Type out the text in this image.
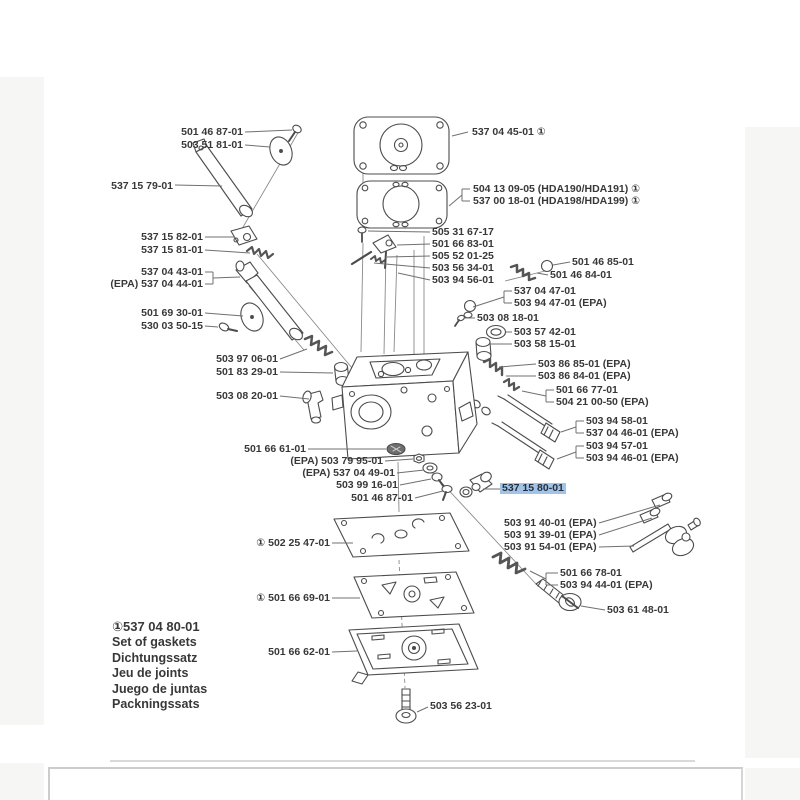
501 46 87-01
503 51 81-01
537 15 79-01
537 15 82-01
537 15 81-01
537 04 43-01
(EPA) 537 04 44-01
537 04 45-01 ①
504 13 09-05 (HDA190/HDA191) ①
537 00 18-01 (HDA198/HDA199) ①
505 31 67-17
501 66 83-01
505 52 01-25
503 56 34-01
503 94 56-01
501 46 85-01
501 46 84-01
537 04 47-01
503 94 47-01 (EPA)
503 08 18-01
503 57 42-01
503 58 15-01
503 86 85-01 (EPA)
503 86 84-01 (EPA)
501 66 77-01
504 21 00-50 (EPA)
503 94 58-01
537 04 46-01 (EPA)
503 94 57-01
503 94 46-01 (EPA)
501 69 30-01
530 03 50-15
503 97 06-01
501 83 29-01
503 08 20-01
501 66 61-01
(EPA) 503 79 95-01
(EPA) 537 04 49-01
503 99 16-01
501 46 87-01
① 502 25 47-01
537 15 80-01
503 91 40-01 (EPA)
503 91 39-01 (EPA)
503 91 54-01 (EPA)
501 66 78-01
503 94 44-01 (EPA)
503 61 48-01
① 501 66 69-01
501 66 62-01
503 56 23-01
①537 04 80-01
Set of gaskets
Dichtungssatz
Jeu de joints
Juego de juntas
Packningssats
